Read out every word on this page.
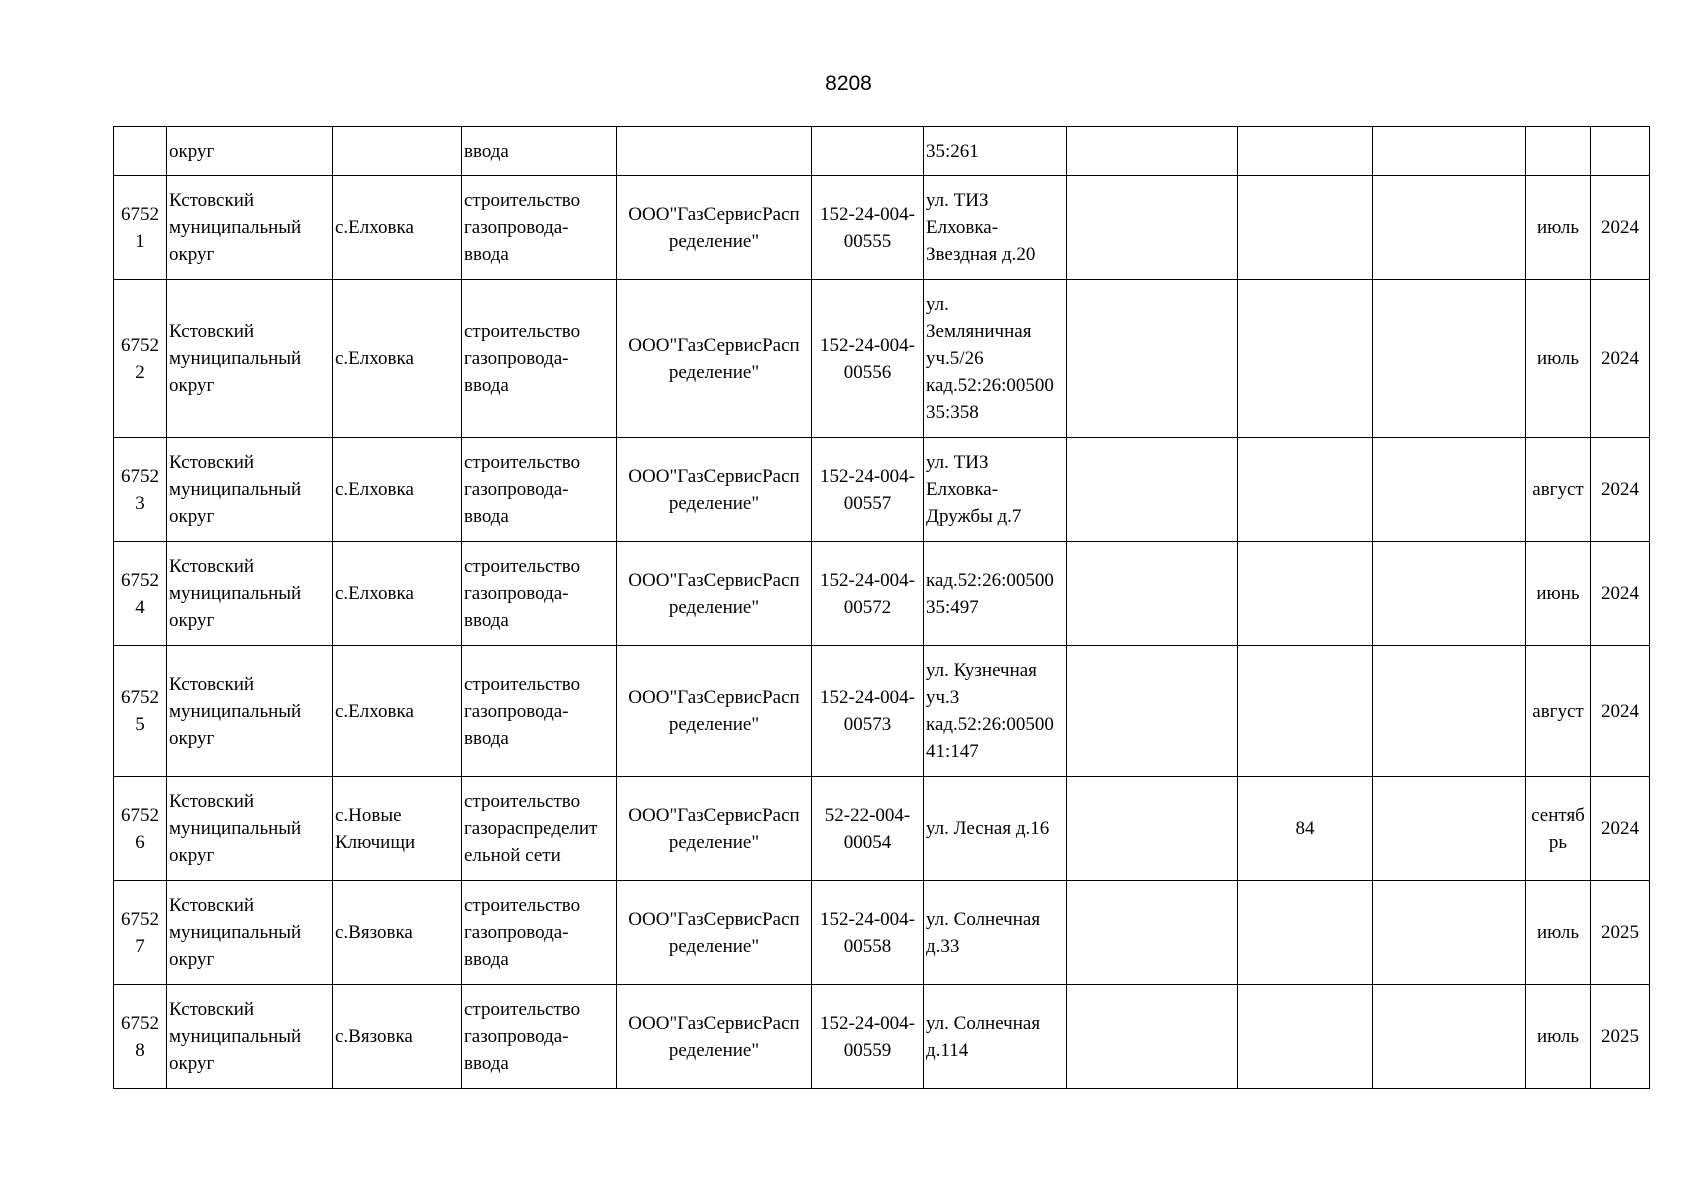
8208

	округ		ввода			35:261					

6752
1	Кстовский
муниципальный
округ	с.Елховка	строительство
газопровода-
ввода	ООО"ГазСервисРасп
ределение"	152-24-004-
00555	ул. ТИЗ
Елховка-
Звездная д.20				июль	2024

6752
2	Кстовский
муниципальный
округ	с.Елховка	строительство
газопровода-
ввода	ООО"ГазСервисРасп
ределение"	152-24-004-
00556	ул.
Земляничная
уч.5/26
кад.52:26:00500
35:358				июль	2024

6752
3	Кстовский
муниципальный
округ	с.Елховка	строительство
газопровода-
ввода	ООО"ГазСервисРасп
ределение"	152-24-004-
00557	ул. ТИЗ
Елховка-
Дружбы д.7				август	2024

6752
4	Кстовский
муниципальный
округ	с.Елховка	строительство
газопровода-
ввода	ООО"ГазСервисРасп
ределение"	152-24-004-
00572	кад.52:26:00500
35:497				июнь	2024

6752
5	Кстовский
муниципальный
округ	с.Елховка	строительство
газопровода-
ввода	ООО"ГазСервисРасп
ределение"	152-24-004-
00573	ул. Кузнечная
уч.3
кад.52:26:00500
41:147				август	2024

6752
6	Кстовский
муниципальный
округ	с.Новые
Ключищи	строительство
газораспределит
ельной сети	ООО"ГазСервисРасп
ределение"	52-22-004-
00054	ул. Лесная д.16		84		сентяб
рь	2024

6752
7	Кстовский
муниципальный
округ	с.Вязовка	строительство
газопровода-
ввода	ООО"ГазСервисРасп
ределение"	152-24-004-
00558	ул. Солнечная
д.33				июль	2025

6752
8	Кстовский
муниципальный
округ	с.Вязовка	строительство
газопровода-
ввода	ООО"ГазСервисРасп
ределение"	152-24-004-
00559	ул. Солнечная
д.114				июль	2025
